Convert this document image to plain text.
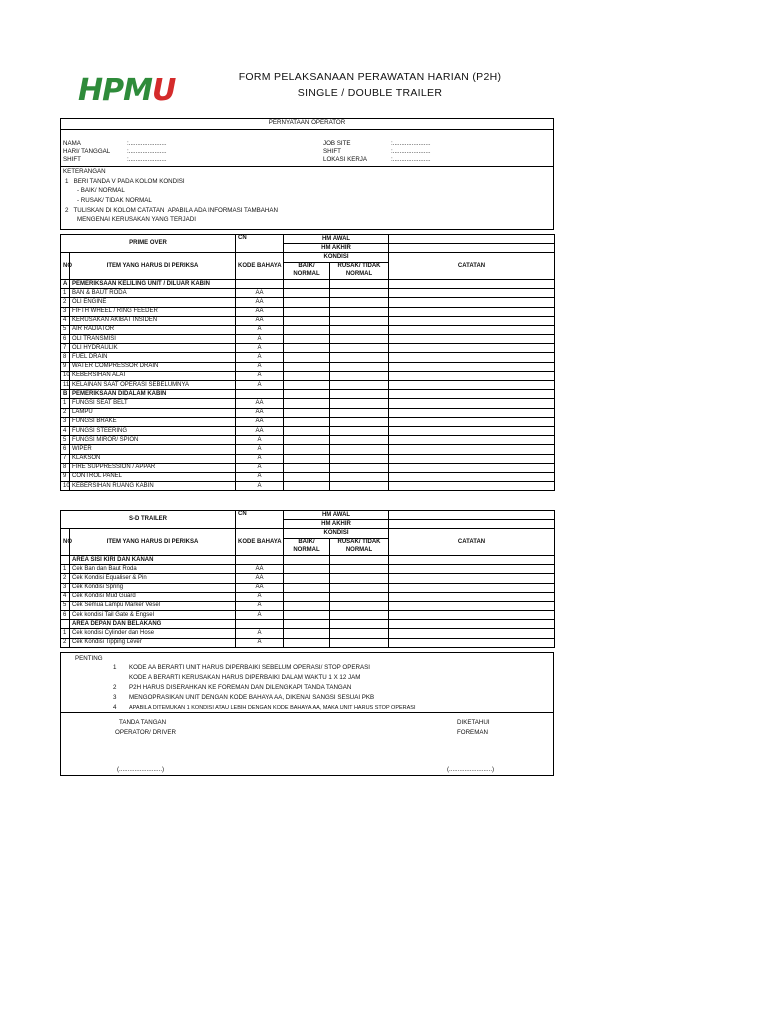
HPMU	FORM PELAKSANAAN PERAWATAN HARIAN (P2H)
SINGLE / DOUBLE TRAILER
PERNYATAAN OPERATOR
NAMA	:......................
HARI/ TANGGAL	:......................
SHIFT	:......................
JOB SITE	:......................
SHIFT	:......................
LOKASI KERJA	:......................
KETERANGAN
1   BERI TANDA V PADA KOLOM KONDISI
- BAIK/ NORMAL
- RUSAK/ TIDAK NORMAL
2   TULISKAN DI KOLOM CATATAN  APABILA ADA INFORMASI TAMBAHAN
MENGENAI KERUSAKAN YANG TERJADI
PRIME OVER		CN	HM AWAL		
			HM AKHIR		
NO	ITEM YANG HARUS DI PERIKSA	KODE BAHAYA	KONDISI		CATATAN
			BAIK/	RUSAK/ TIDAK	
			NORMAL	NORMAL	
A	PEMERIKSAAN KELILING UNIT / DILUAR KABIN				
1	BAN & BAUT RODA	AA			
2	OLI ENGINE	AA			
3	FIFTH WHEEL / RING FEEDER	AA			
4	KERUSAKAN AKIBAT INSIDEN	AA			
5	AIR RADIATOR	A			
6	OLI TRANSMISI	A			
7	OLI HYDRAULIK	A			
8	FUEL DRAIN	A			
9	WATER COMPRESSOR DRAIN	A			
10	KEBERSIHAN ALAT	A			
11	KELAINAN SAAT OPERASI SEBELUMNYA	A			
B	PEMERIKSAAN DIDALAM KABIN				
1	FUNGSI SEAT BELT	AA			
2	LAMPU	AA			
3	FUNGSI BRAKE	AA			
4	FUNGSI STEERING	AA			
5	FUNGSI MIROR/ SPION	A			
6	WIPER	A			
7	KLAKSON	A			
8	FIRE SUPPRESSION / APPAR	A			
9	CONTROL PANEL	A			
10	KEBERSIHAN RUANG KABIN	A			
S-D TRAILER		CN	HM AWAL		
			HM AKHIR		
NO	ITEM YANG HARUS DI PERIKSA	KODE BAHAYA	KONDISI		CATATAN
			BAIK/	RUSAK/ TIDAK	
			NORMAL	NORMAL	
	AREA SISI KIRI DAN KANAN				
1	Cek Ban dan Baut Roda	AA			
2	Cek Kondisi Equaliser & Pin	AA			
3	Cek Kondisi Spring	AA			
4	Cek Kondisi Mud Guard	A			
5	Cek Semua Lampu Marker Vesel	A			
6	Cek kondisi Tail Gate & Engsel	A			
	AREA DEPAN DAN BELAKANG				
1	Cek kondisi Cylinder dan Hose	A			
2	Cek Kondisi Tipping Lever	A			
PENTING
1 KODE AA BERARTI UNIT HARUS DIPERBAIKI SEBELUM OPERASI/ STOP OPERASI
KODE A BERARTI KERUSAKAN HARUS DIPERBAIKI DALAM WAKTU 1 X 12 JAM
2 P2H HARUS DISERAHKAN KE FOREMAN DAN DILENGKAPI TANDA TANGAN
3 MENGOPRASIKAN UNIT DENGAN KODE BAHAYA AA, DIKENAI SANGSI SESUAI PKB
4 APABILA DITEMUKAN 1 KONDISI ATAU LEBIH DENGAN KODE BAHAYA AA, MAKA UNIT HARUS STOP OPERASI
TANDA TANGAN
OPERATOR/ DRIVER
(.........................)
DIKETAHUI
FOREMAN
(.........................)
